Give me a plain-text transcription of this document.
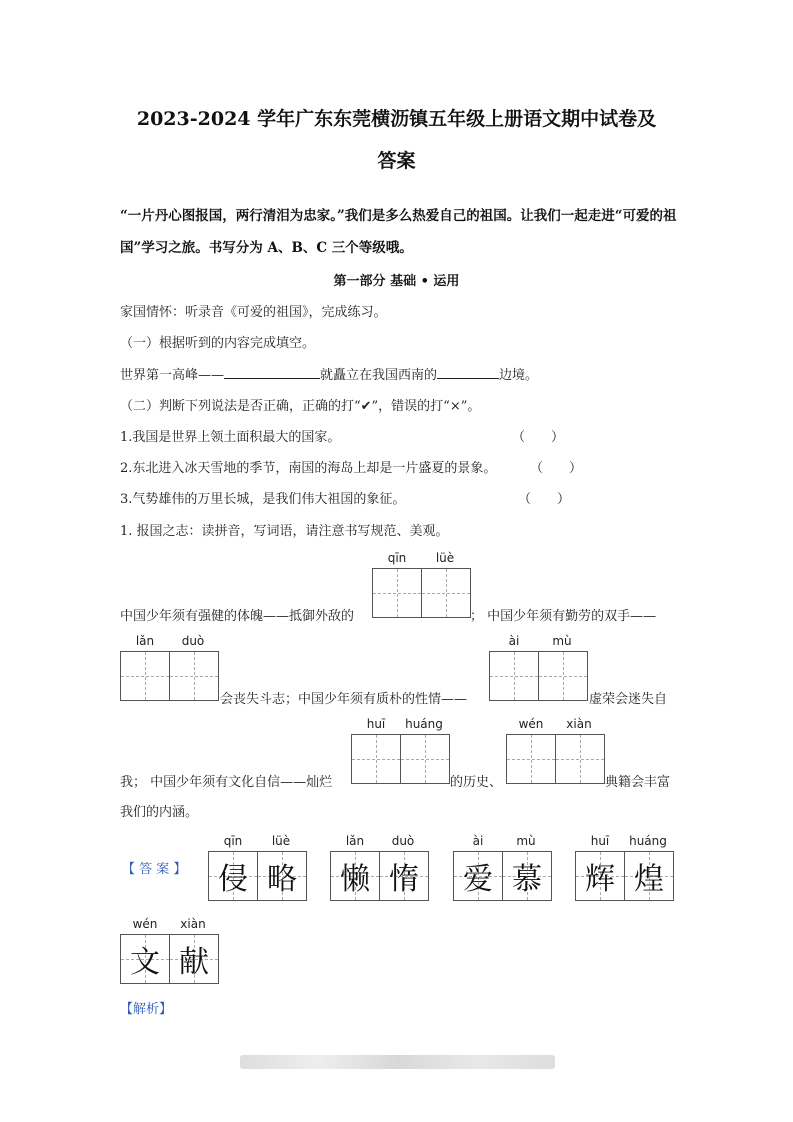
2023-2024 学年广东东莞横沥镇五年级上册语文期中试卷及
答案
“一片丹心图报国，两行清泪为忠家。”我们是多么热爱自己的祖国。让我们一起走进“可爱的祖国”学习之旅。书写分为 A、B、C 三个等级哦。
第一部分 基础 • 运用
家国情怀：听录音《可爱的祖国》，完成练习。
（一）根据听到的内容完成填空。
世界第一高峰——	就矗立在我国西南的	边境。
（二）判断下列说法是否正确，正确的打“✔”，错误的打“×”。
1.我国是世界上领土面积最大的国家。	（　　）
2.东北进入冰天雪地的季节，南国的海岛上却是一片盛夏的景象。	（　　）
3.气势雄伟的万里长城，是我们伟大祖国的象征。	（　　）
1. 报国之志：读拼音，写词语，请注意书写规范、美观。
qīn	lüè
中国少年须有强健的体魄——抵御外敌的	； 中国少年须有勤劳的双手——
lǎn	duò	ài	mù
会丧失斗志；中国少年须有质朴的性情——	虚荣会迷失自
huī	huáng	wén	xiàn
我； 中国少年须有文化自信——灿烂	的历史、	典籍会丰富
我们的内涵。
【 答 案 】
qīn	lüè
侵 略
lǎn	duò
懒 惰
ài	mù
爱 慕
huī	huáng
辉 煌
wén	xiàn
文 献
【解析】
